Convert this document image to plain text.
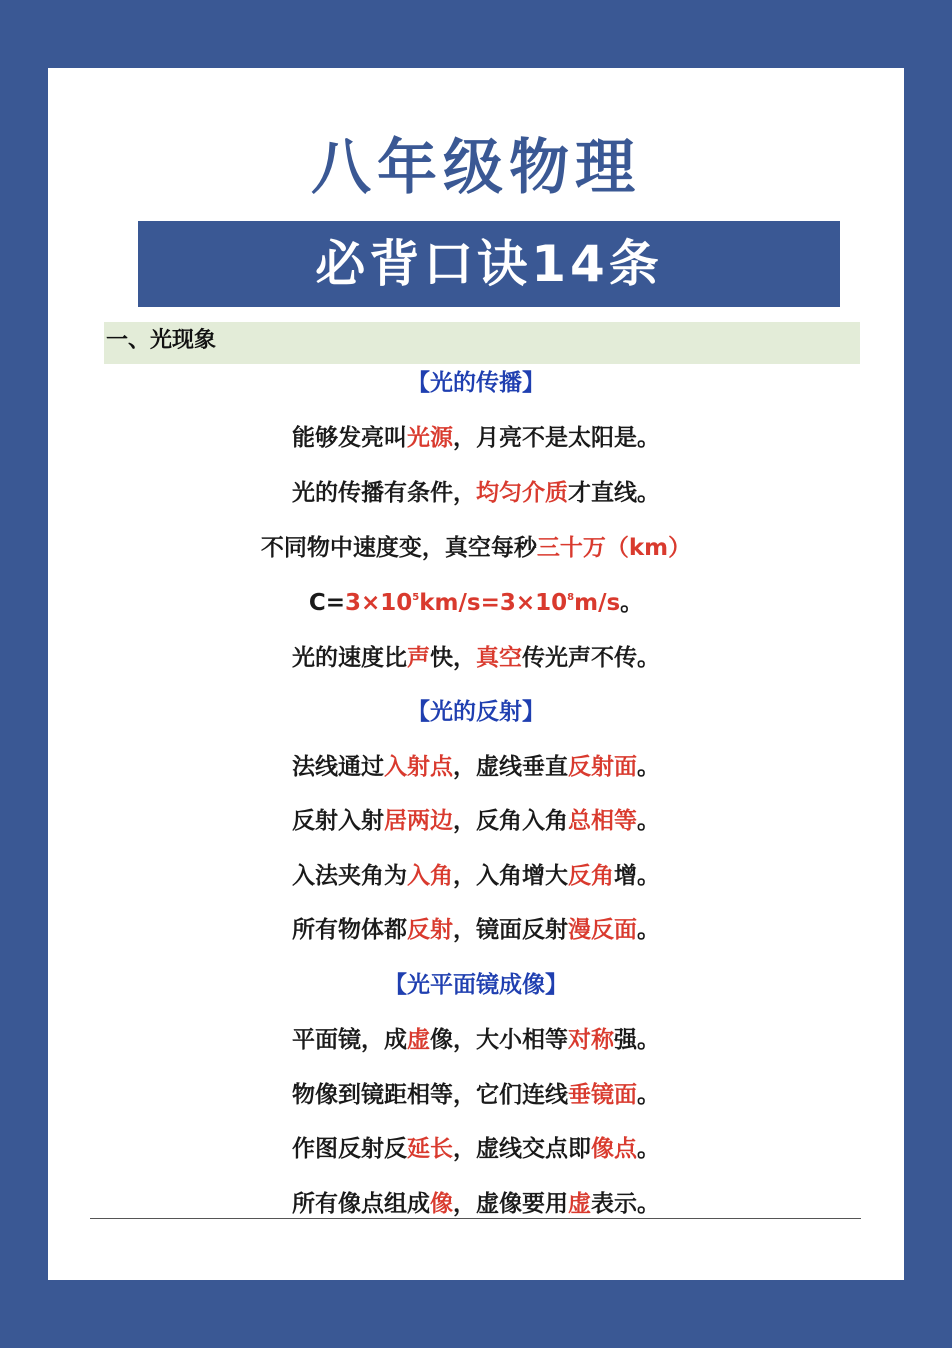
八年级物理
必背口诀14条
一、光现象
【光的传播】
能够发亮叫光源，月亮不是太阳是。
光的传播有条件，均匀介质才直线。
不同物中速度变，真空每秒三十万（km）
$C=3\times 10^5km/s=3\times 10^8m/s$。
光的速度比声快，真空传光声不传。
【光的反射】
法线通过入射点，虚线垂直反射面。
反射入射居两边，反角入角总相等。
入法夹角为入角，入角增大反角增。
所有物体都反射，镜面反射漫反面。
【光平面镜成像】
平面镜，成虚像，大小相等对称强。
物像到镜距相等，它们连线垂镜面。
作图反射反延长，虚线交点即像点。
所有像点组成像，虚像要用虚表示。
